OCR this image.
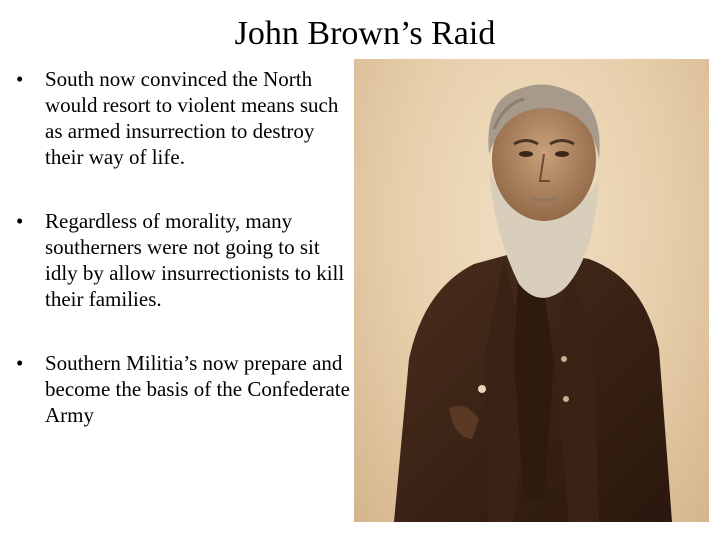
John Brown’s Raid
•	South now convinced the North would resort to violent means such as armed insurrection to destroy their way of life.
•	Regardless of morality, many southerners were not going to sit idly by allow insurrectionists to kill their families.
•	Southern Militia’s now prepare and become the basis of the Confederate Army
